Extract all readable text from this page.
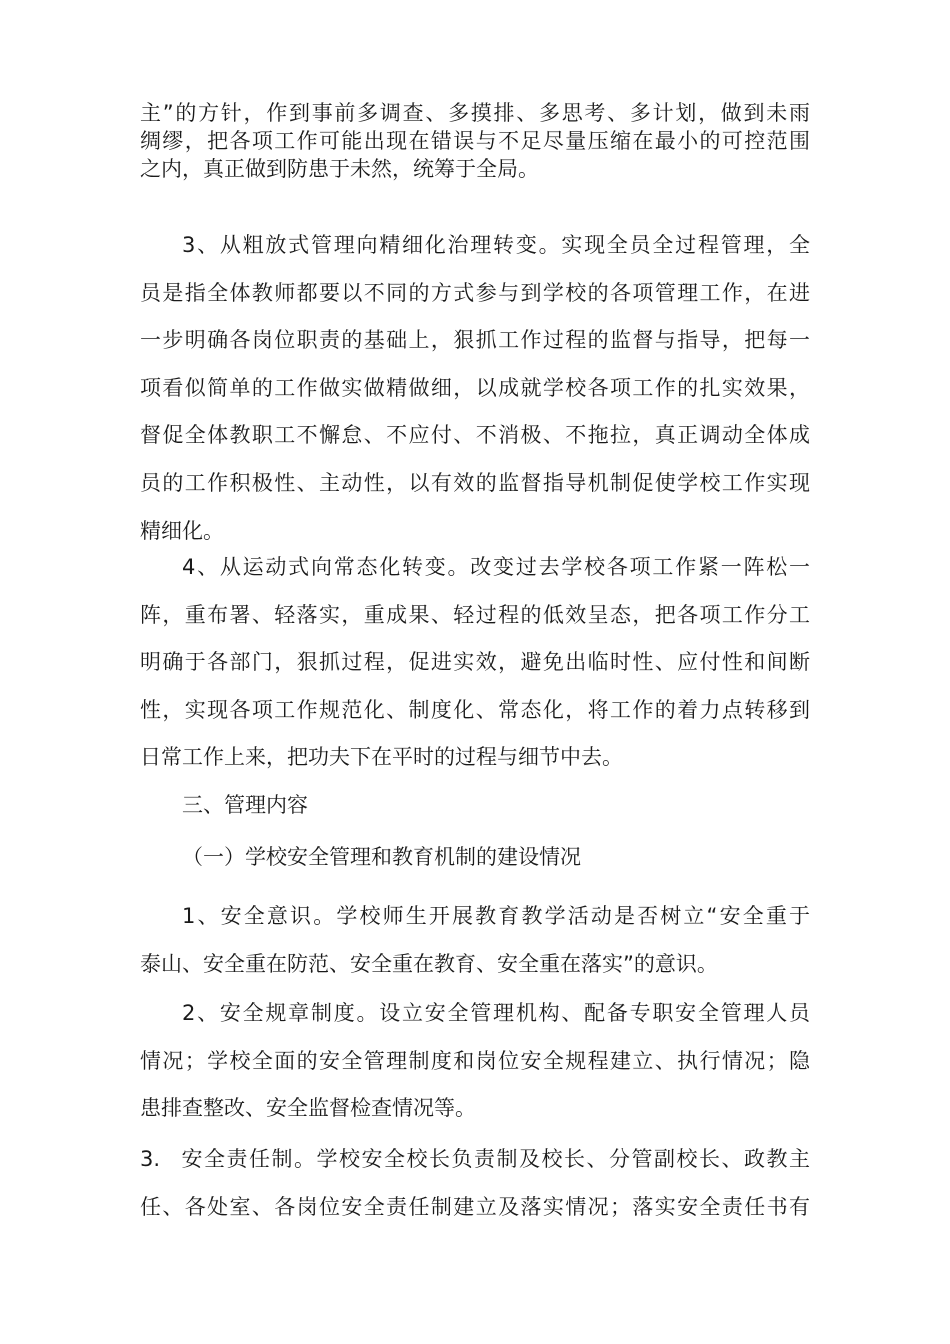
主”的方针，作到事前多调查、多摸排、多思考、多计划，做到未雨
绸缪，把各项工作可能出现在错误与不足尽量压缩在最小的可控范围
之内，真正做到防患于未然，统筹于全局。
3、从粗放式管理向精细化治理转变。实现全员全过程管理，全
员是指全体教师都要以不同的方式参与到学校的各项管理工作，在进
一步明确各岗位职责的基础上，狠抓工作过程的监督与指导，把每一
项看似简单的工作做实做精做细，以成就学校各项工作的扎实效果，
督促全体教职工不懈怠、不应付、不消极、不拖拉，真正调动全体成
员的工作积极性、主动性，以有效的监督指导机制促使学校工作实现
精细化。
4、从运动式向常态化转变。改变过去学校各项工作紧一阵松一
阵，重布署、轻落实，重成果、轻过程的低效呈态，把各项工作分工
明确于各部门，狠抓过程，促进实效，避免出临时性、应付性和间断
性，实现各项工作规范化、制度化、常态化，将工作的着力点转移到
日常工作上来，把功夫下在平时的过程与细节中去。
三、管理内容
（一）学校安全管理和教育机制的建设情况
1、安全意识。学校师生开展教育教学活动是否树立“安全重于
泰山、安全重在防范、安全重在教育、安全重在落实”的意识。
2、安全规章制度。设立安全管理机构、配备专职安全管理人员
情况；学校全面的安全管理制度和岗位安全规程建立、执行情况；隐
患排查整改、安全监督检查情况等。
3. 安全责任制。学校安全校长负责制及校长、分管副校长、政教主
任、各处室、各岗位安全责任制建立及落实情况；落实安全责任书有
